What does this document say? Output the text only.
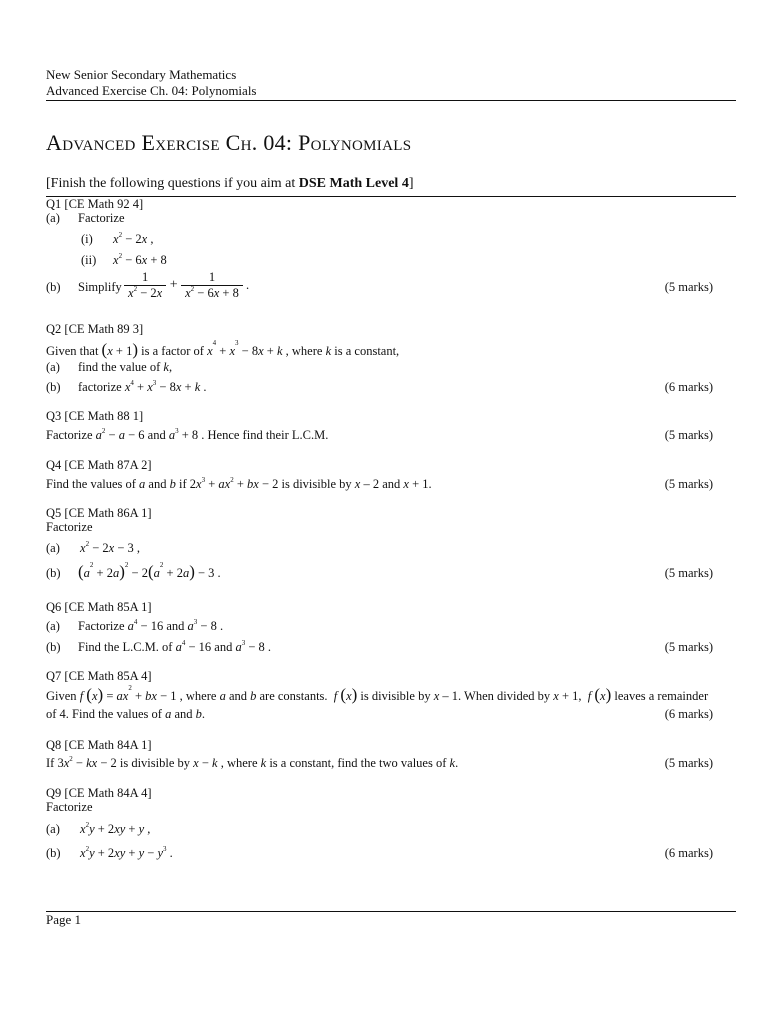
New Senior Secondary Mathematics
Advanced Exercise Ch. 04: Polynomials
Advanced Exercise Ch. 04: Polynomials
[Finish the following questions if you aim at DSE Math Level 4]
Q1 [CE Math 92 4]
(a) Factorize
(i) $x^2 - 2x$ ,
(ii) $x^2 - 6x + 8$
(b) Simplify $\frac{1}{x^2 - 2x} + \frac{1}{x^2 - 6x + 8}$ .	(5 marks)
Q2 [CE Math 89 3]
Given that (x + 1) is a factor of $x^4 + x^3 - 8x + k$ , where k is a constant,
(a) find the value of k,
(b) factorize $x^4 + x^3 - 8x + k$ .	(6 marks)
Q3 [CE Math 88 1]
Factorize $a^2 - a - 6$ and $a^3 + 8$ . Hence find their L.C.M.	(5 marks)
Q4 [CE Math 87A 2]
Find the values of a and b if $2x^3 + ax^2$ + bx − 2 is divisible by x – 2 and x + 1.	(5 marks)
Q5 [CE Math 86A 1]
Factorize
(a) $x^2 - 2x - 3$ ,
(b) $(a^2 + 2a)^2 - 2(a^2 + 2a) - 3$ .	(5 marks)
Q6 [CE Math 85A 1]
(a) Factorize $a^4 - 16$ and $a^3 - 8$ .
(b) Find the L.C.M. of $a^4 - 16$ and $a^3 - 8$ .	(5 marks)
Q7 [CE Math 85A 4]
Given f $(x) = ax^2$ + bx − 1 , where a and b are constants. f (x) is divisible by x – 1. When divided by x + 1,  f (x) leaves a remainder
of 4. Find the values of a and b.	(6 marks)
Q8 [CE Math 84A 1]
If $3x^2$ − kx − 2 is divisible by x − k , where k is a constant, find the two values of k.	(5 marks)
Q9 [CE Math 84A 4]
Factorize
(a) $x^2y + 2xy + y$ ,
(b) $x^2y + 2xy + y - y^3$ .	(6 marks)
Page 1
